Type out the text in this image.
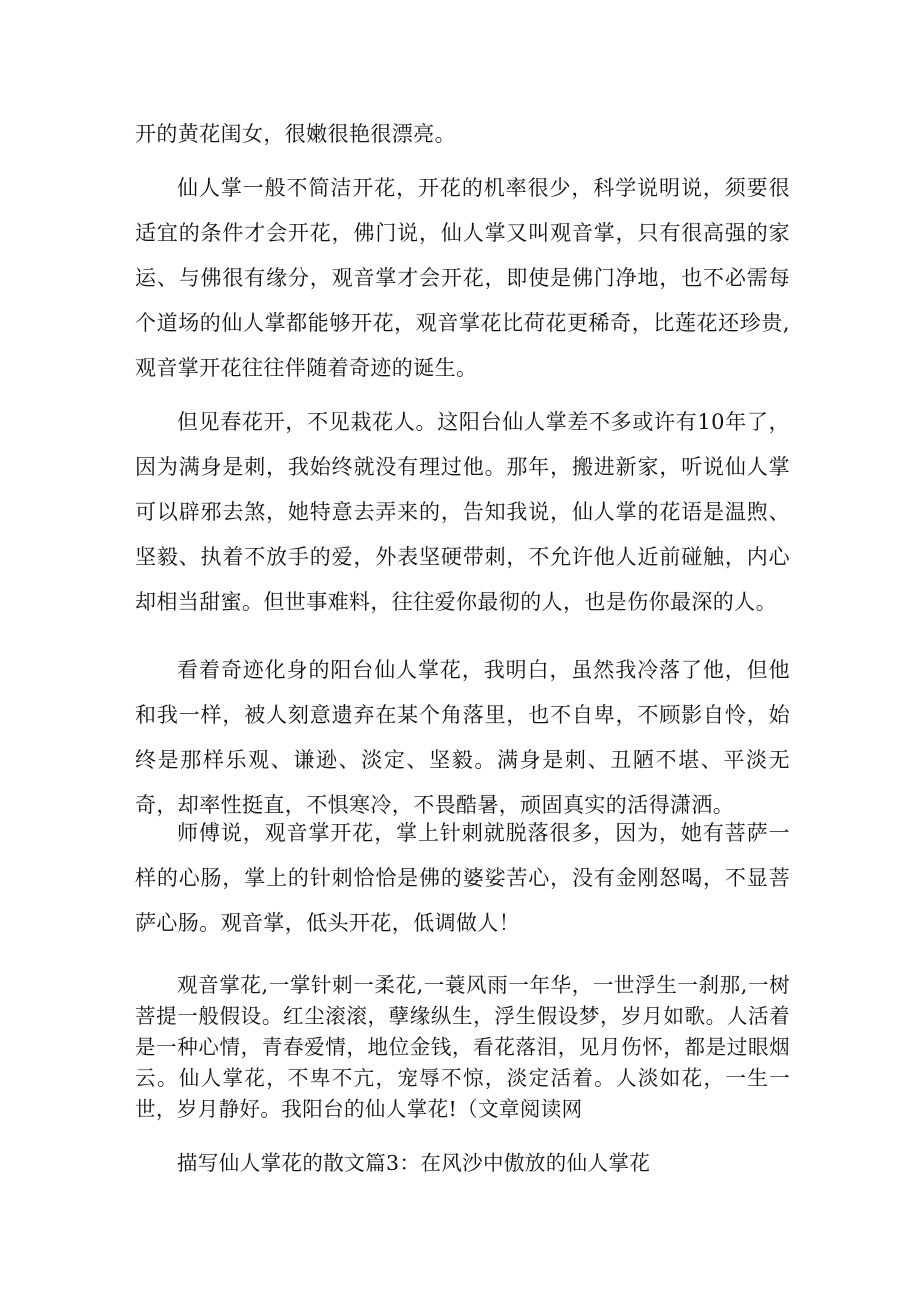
开的黄花闺女，很嫩很艳很漂亮。

仙人掌一般不简洁开花，开花的机率很少，科学说明说，须要很适宜的条件才会开花，佛门说，仙人掌又叫观音掌，只有很高强的家运、与佛很有缘分，观音掌才会开花，即使是佛门净地，也不必需每个道场的仙人掌都能够开花，观音掌花比荷花更稀奇，比莲花还珍贵,观音掌开花往往伴随着奇迹的诞生。

但见春花开，不见栽花人。这阳台仙人掌差不多或许有10年了，因为满身是刺，我始终就没有理过他。那年，搬进新家，听说仙人掌可以辟邪去煞，她特意去弄来的，告知我说，仙人掌的花语是温煦、坚毅、执着不放手的爱，外表坚硬带刺，不允许他人近前碰触，内心却相当甜蜜。但世事难料，往往爱你最彻的人，也是伤你最深的人。

看着奇迹化身的阳台仙人掌花，我明白，虽然我冷落了他，但他和我一样，被人刻意遗弃在某个角落里，也不自卑，不顾影自怜，始终是那样乐观、谦逊、淡定、坚毅。满身是刺、丑陋不堪、平淡无奇，却率性挺直，不惧寒冷，不畏酷暑，顽固真实的活得潇洒。

师傅说，观音掌开花，掌上针刺就脱落很多，因为，她有菩萨一样的心肠，掌上的针刺恰恰是佛的婆娑苦心，没有金刚怒喝，不显菩萨心肠。观音掌，低头开花，低调做人！

观音掌花,一掌针刺一柔花,一蓑风雨一年华，一世浮生一刹那,一树菩提一般假设。红尘滚滚，孽缘纵生，浮生假设梦，岁月如歌。人活着是一种心情，青春爱情，地位金钱，看花落泪，见月伤怀，都是过眼烟云。仙人掌花，不卑不亢，宠辱不惊，淡定活着。人淡如花，一生一世，岁月静好。我阳台的仙人掌花!（文章阅读网

描写仙人掌花的散文篇3：在风沙中傲放的仙人掌花
